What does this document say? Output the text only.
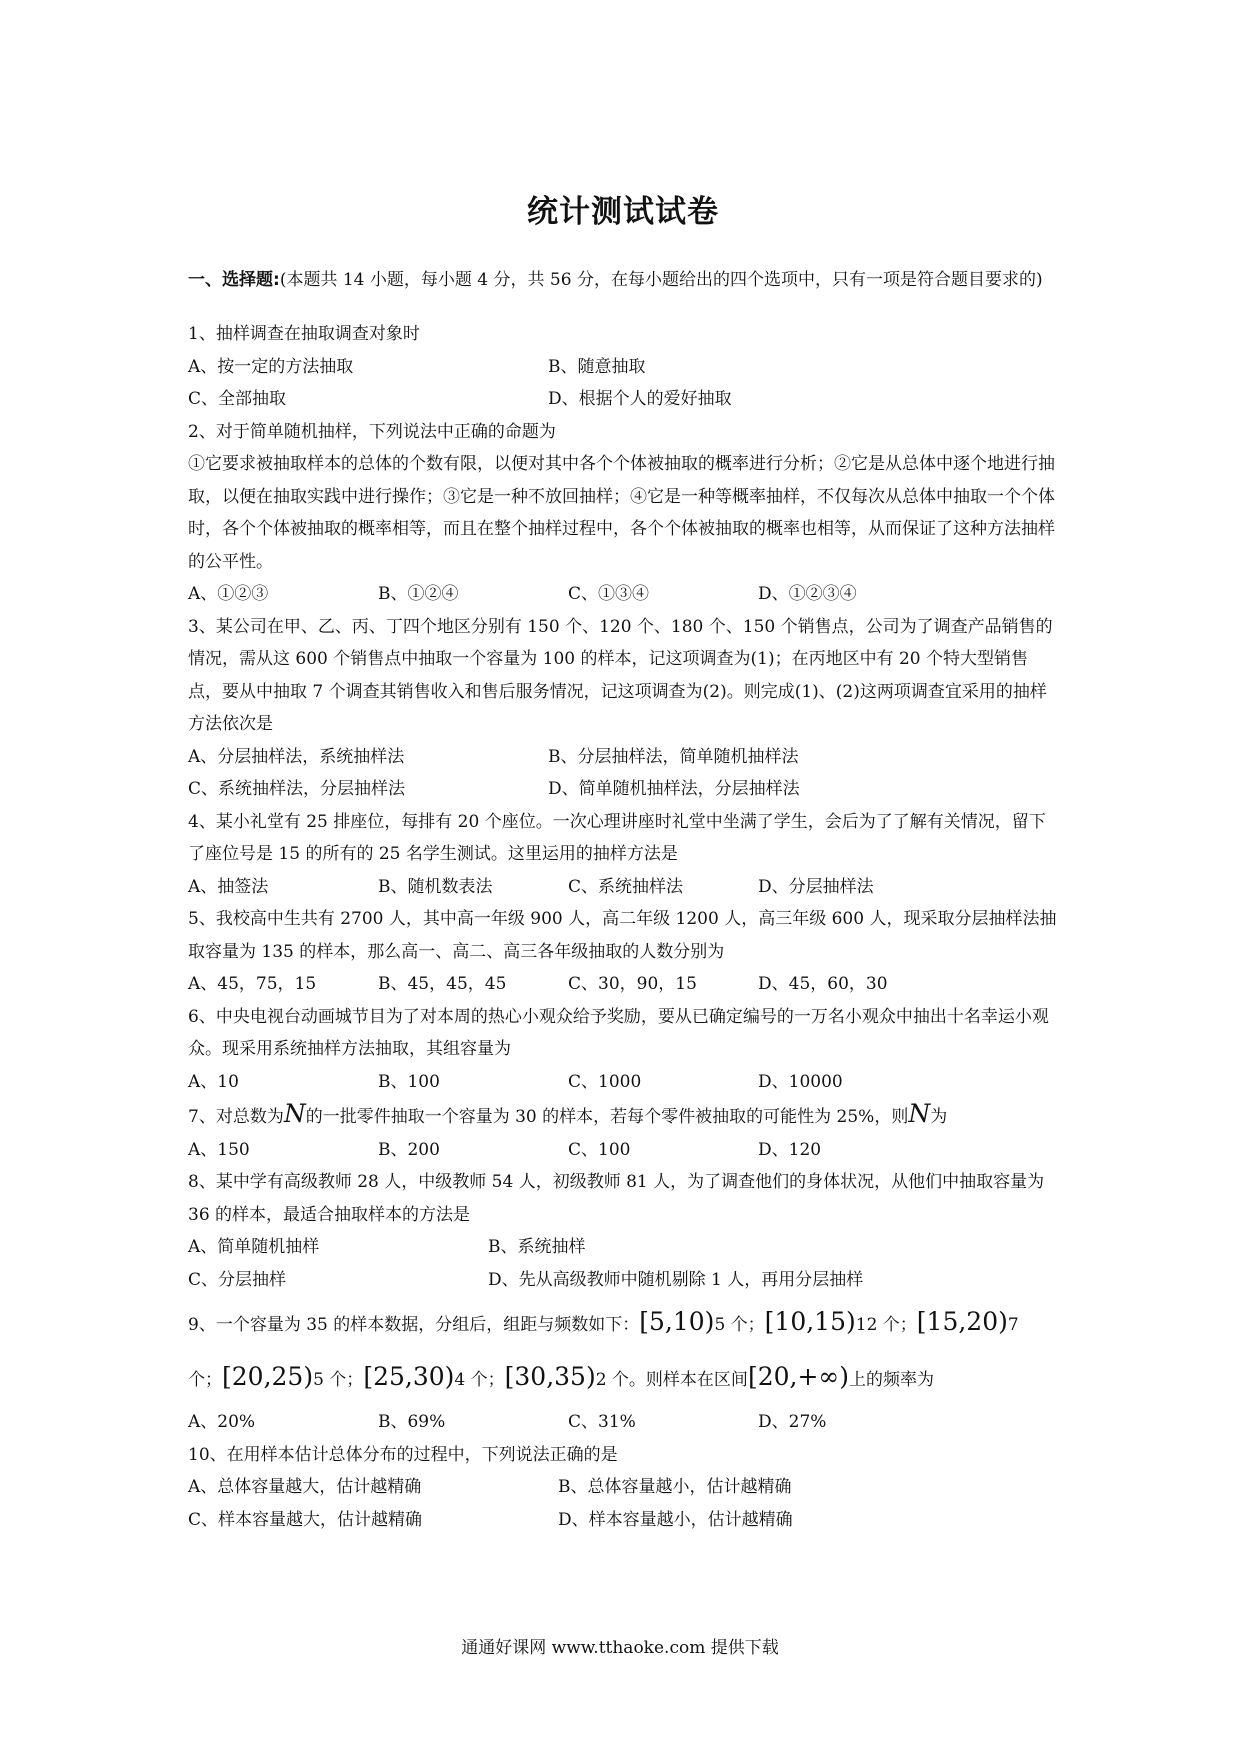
统计测试试卷
一、选择题:(本题共 14 小题，每小题 4 分，共 56 分，在每小题给出的四个选项中，只有一项是符合题目要求的)

1、抽样调查在抽取调查对象时

A、按一定的方法抽取	B、随意抽取

C、全部抽取	D、根据个人的爱好抽取

2、对于简单随机抽样，下列说法中正确的命题为

①它要求被抽取样本的总体的个数有限，以便对其中各个个体被抽取的概率进行分析；②它是从总体中逐个地进行抽取，以便在抽取实践中进行操作；③它是一种不放回抽样；④它是一种等概率抽样，不仅每次从总体中抽取一个个体时，各个个体被抽取的概率相等，而且在整个抽样过程中，各个个体被抽取的概率也相等，从而保证了这种方法抽样的公平性。

A、①②③	B、①②④	C、①③④	D、①②③④

3、某公司在甲、乙、丙、丁四个地区分别有 150 个、120 个、180 个、150 个销售点，公司为了调查产品销售的情况，需从这 600 个销售点中抽取一个容量为 100 的样本，记这项调查为(1)；在丙地区中有 20 个特大型销售点，要从中抽取 7 个调查其销售收入和售后服务情况，记这项调查为(2)。则完成(1)、(2)这两项调查宜采用的抽样方法依次是

A、分层抽样法，系统抽样法	B、分层抽样法，简单随机抽样法

C、系统抽样法，分层抽样法	D、简单随机抽样法，分层抽样法

4、某小礼堂有 25 排座位，每排有 20 个座位。一次心理讲座时礼堂中坐满了学生，会后为了了解有关情况，留下了座位号是 15 的所有的 25 名学生测试。这里运用的抽样方法是

A、抽签法	B、随机数表法	C、系统抽样法	D、分层抽样法

5、我校高中生共有 2700 人，其中高一年级 900 人，高二年级 1200 人，高三年级 600 人，现采取分层抽样法抽取容量为 135 的样本，那么高一、高二、高三各年级抽取的人数分别为

A、45，75，15	B、45，45，45	C、30，90，15	D、45，60，30

6、中央电视台动画城节目为了对本周的热心小观众给予奖励，要从已确定编号的一万名小观众中抽出十名幸运小观众。现采用系统抽样方法抽取，其组容量为

A、10	B、100	C、1000	D、10000

7、对总数为N的一批零件抽取一个容量为 30 的样本，若每个零件被抽取的可能性为 25%，则N为

A、150	B、200	C、100	D、120

8、某中学有高级教师 28 人，中级教师 54 人，初级教师 81 人，为了调查他们的身体状况，从他们中抽取容量为 36 的样本，最适合抽取样本的方法是

A、简单随机抽样	B、系统抽样

C、分层抽样	D、先从高级教师中随机剔除 1 人，再用分层抽样

9、一个容量为 35 的样本数据，分组后，组距与频数如下：[5,10)5 个；[10,15)12 个；[15,20)7 个；[20,25)5 个；[25,30)4 个；[30,35)2 个。则样本在区间[20,+∞)上的频率为

A、20%	B、69%	C、31%	D、27%

10、在用样本估计总体分布的过程中，下列说法正确的是

A、总体容量越大，估计越精确	B、总体容量越小，估计越精确

C、样本容量越大，估计越精确	D、样本容量越小，估计越精确

通通好课网 www.tthaoke.com 提供下载
